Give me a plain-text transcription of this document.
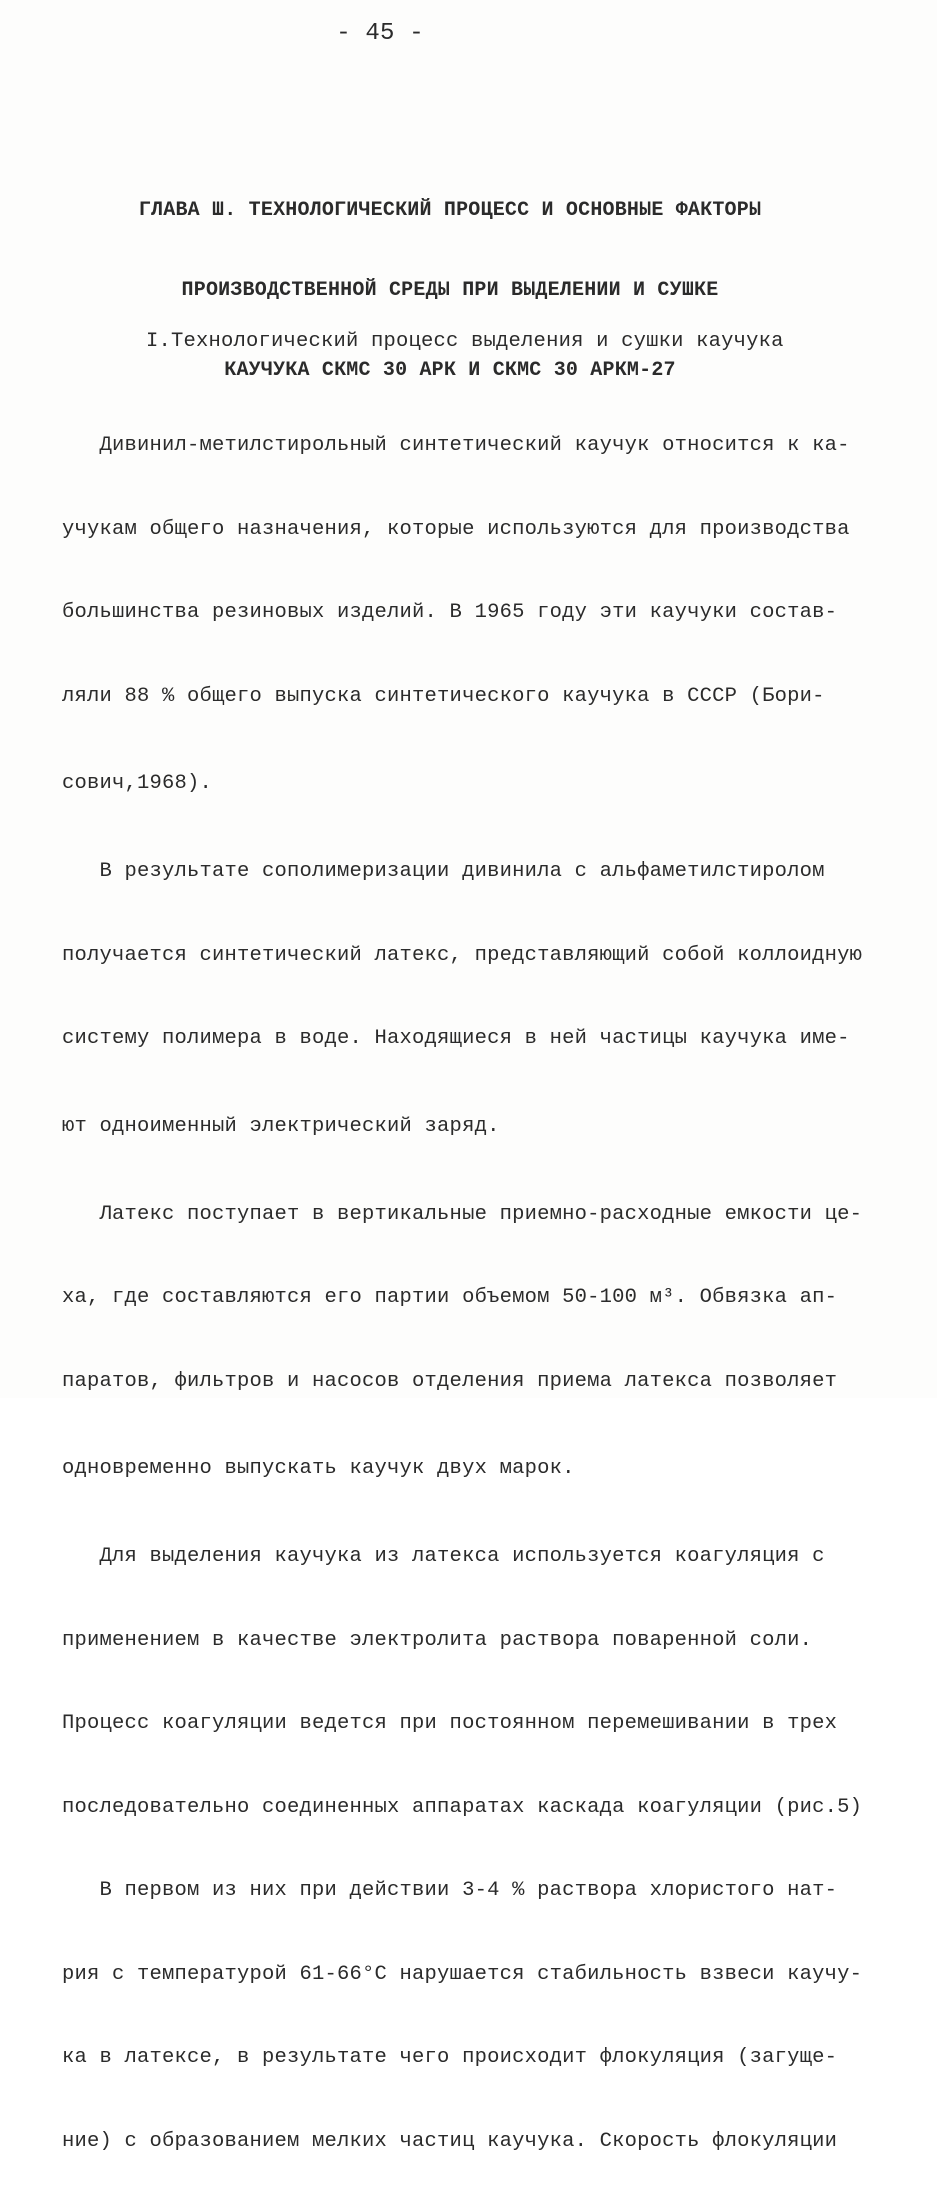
- 45 -

ГЛАВА Ш. ТЕХНОЛОГИЧЕСКИЙ ПРОЦЕСС И ОСНОВНЫЕ ФАКТОРЫ

ПРОИЗВОДСТВЕННОЙ СРЕДЫ ПРИ ВЫДЕЛЕНИИ И СУШКЕ

КАУЧУКА СКМС 30 АРК И СКМС 30 АРКМ-27

I.Технологический процесс выделения и сушки каучука

Дивинил-метилстирольный синтетический каучук относится к ка-

учукам общего назначения, которые используются для производства

большинства резиновых изделий. В 1965 году эти каучуки состав-

ляли 88 % общего выпуска синтетического каучука в СССР (Бори-

сович,1968).

В результате сополимеризации дивинила с альфаметилстиролом

получается синтетический латекс, представляющий собой коллоидную

систему полимера в воде. Находящиеся в ней частицы каучука име-

ют одноименный электрический заряд.

Латекс поступает в вертикальные приемно-расходные емкости це-

ха, где составляются его партии объемом 50-100 м³. Обвязка ап-

паратов, фильтров и насосов отделения приема латекса позволяет

одновременно выпускать каучук двух марок.

Для выделения каучука из латекса используется коагуляция с

применением в качестве электролита раствора поваренной соли.

Процесс коагуляции ведется при постоянном перемешивании в трех

последовательно соединенных аппаратах каскада коагуляции (рис.5)

В первом из них при действии 3-4 % раствора хлористого нат-

рия с температурой 61-66°С нарушается стабильность взвеси каучу-

ка в латексе, в результате чего происходит флокуляция (загуще-

ние) с образованием мелких частиц каучука. Скорость флокуляции
